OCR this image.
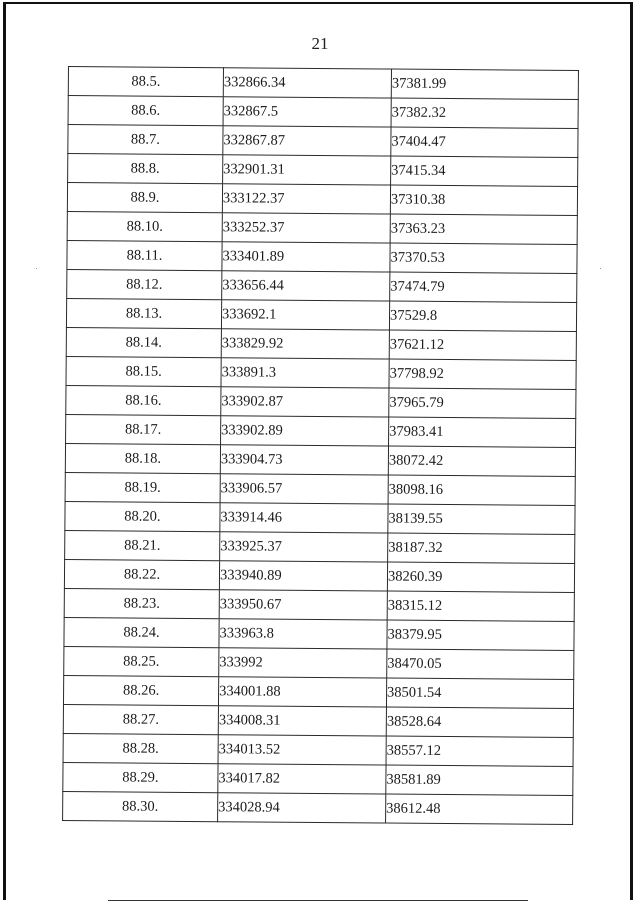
21
88.5.	332866.34	37381.99
88.6.	332867.5	37382.32
88.7.	332867.87	37404.47
88.8.	332901.31	37415.34
88.9.	333122.37	37310.38
88.10.	333252.37	37363.23
88.11.	333401.89	37370.53
88.12.	333656.44	37474.79
88.13.	333692.1	37529.8
88.14.	333829.92	37621.12
88.15.	333891.3	37798.92
88.16.	333902.87	37965.79
88.17.	333902.89	37983.41
88.18.	333904.73	38072.42
88.19.	333906.57	38098.16
88.20.	333914.46	38139.55
88.21.	333925.37	38187.32
88.22.	333940.89	38260.39
88.23.	333950.67	38315.12
88.24.	333963.8	38379.95
88.25.	333992	38470.05
88.26.	334001.88	38501.54
88.27.	334008.31	38528.64
88.28.	334013.52	38557.12
88.29.	334017.82	38581.89
88.30.	334028.94	38612.48
